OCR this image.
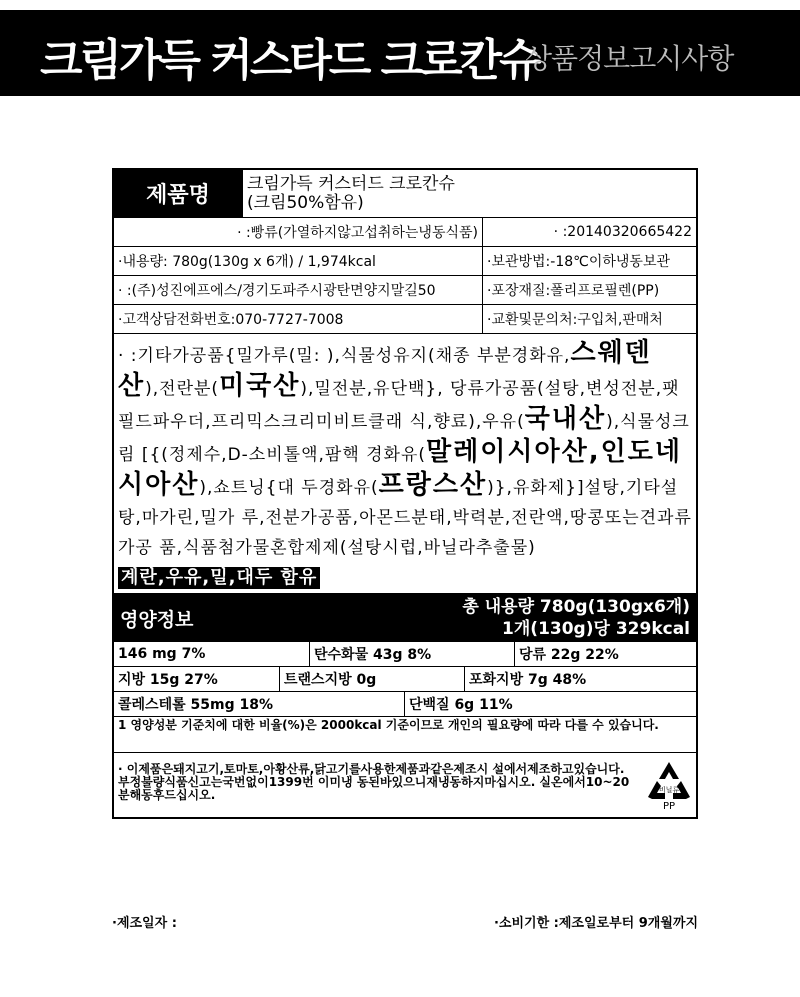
크림가득 커스타드 크로칸슈
상품정보고시사항
제품명	크림가득 커스터드 크로칸슈
(크림50%함유)
· :빵류(가열하지않고섭취하는냉동식품)	· :20140320665422
·내용량: 780g(130g x 6개) / 1,974kcal	·보관방법:-18℃이하냉동보관
· :(주)성진에프에스/경기도파주시광탄면양지말길50	·포장재질:폴리프로필렌(PP)
·고객상담전화번호:070-7727-7008	·교환및문의처:구입처,판매처
· :기타가공품{밀가루(밀: ),식물성유지(채종 부분경화유,스웨덴산),전란분(미국산),밀전분,유단백}, 당류가공품(설탕,변성전분,팻필드파우더,프리믹스크리미비트클래 식,향료),우유(국내산),식물성크림 [{(정제수,D-소비톨액,팜핵 경화유(말레이시아산,인도네시아산),쇼트닝{대 두경화유(프랑스산)},유화제}]설탕,기타설탕,마가린,밀가 루,전분가공품,아몬드분태,박력분,전란액,땅콩또는견과류가공 품,식품첨가물혼합제제(설탕시럽,바닐라추출물)
계란,우유,밀,대두 함유
영양정보
총 내용량 780g(130gx6개)
1개(130g)당 329kcal
146 mg 7%	탄수화물 43g 8%	당류 22g 22%
지방 15g 27%	트랜스지방 0g	포화지방 7g 48%
콜레스테롤 55mg 18%	단백질 6g 11%
1 영양성분 기준치에 대한 비율(%)은 2000kcal 기준이므로 개인의 필요량에 따라 다를 수 있습니다.
· 이제품은돼지고기,토마토,아황산류,닭고기를사용한제품과같은제조시 설에서제조하고있습니다. 부정불량식품신고는국번없이1399번 이미냉 동된바있으니재냉동하지마십시오. 실온에서10~20분해동후드십시오.	비닐류
PP
·제조일자 :	·소비기한 :제조일로부터 9개월까지
